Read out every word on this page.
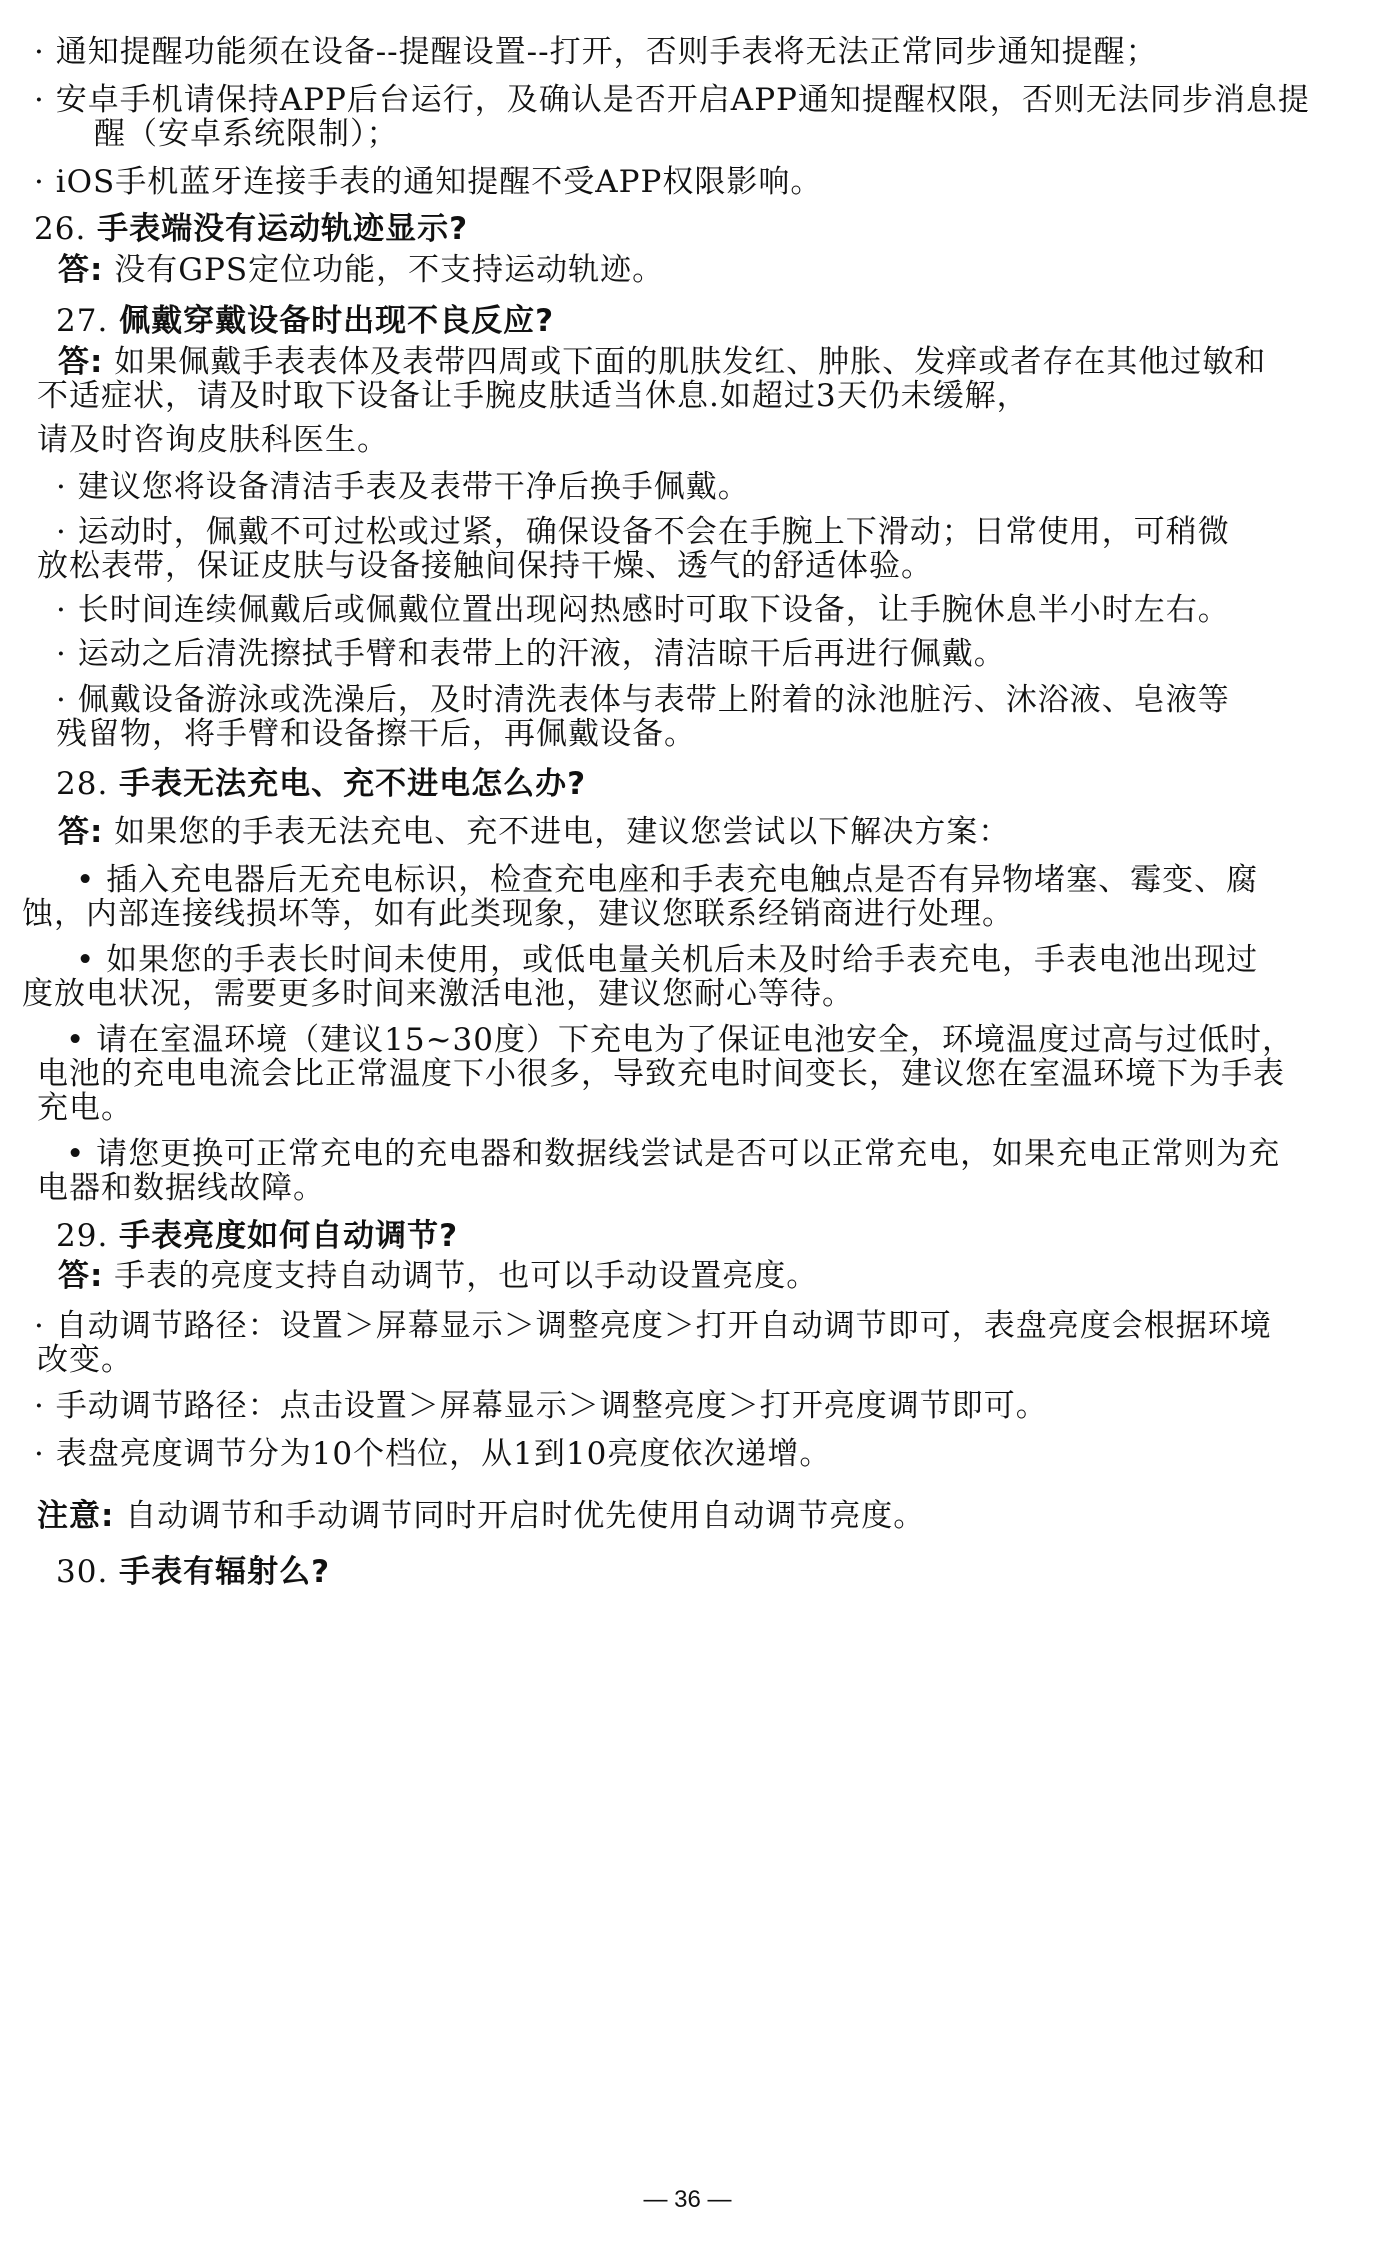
· 通知提醒功能须在设备--提醒设置--打开，否则手表将无法正常同步通知提醒；
· 安卓手机请保持APP后台运行，及确认是否开启APP通知提醒权限，否则无法同步消息提
醒（安卓系统限制）；
· iOS手机蓝牙连接手表的通知提醒不受APP权限影响。
26. 手表端没有运动轨迹显示?
答: 没有GPS定位功能，不支持运动轨迹。
27. 佩戴穿戴设备时出现不良反应?
答: 如果佩戴手表表体及表带四周或下面的肌肤发红、肿胀、发痒或者存在其他过敏和
不适症状，请及时取下设备让手腕皮肤适当休息.如超过3天仍未缓解，
请及时咨询皮肤科医生。
· 建议您将设备清洁手表及表带干净后换手佩戴。
· 运动时，佩戴不可过松或过紧，确保设备不会在手腕上下滑动；日常使用，可稍微
放松表带，保证皮肤与设备接触间保持干燥、透气的舒适体验。
· 长时间连续佩戴后或佩戴位置出现闷热感时可取下设备，让手腕休息半小时左右。
· 运动之后清洗擦拭手臂和表带上的汗液，清洁晾干后再进行佩戴。
· 佩戴设备游泳或洗澡后，及时清洗表体与表带上附着的泳池脏污、沐浴液、皂液等
残留物，将手臂和设备擦干后，再佩戴设备。
28. 手表无法充电、充不进电怎么办?
答: 如果您的手表无法充电、充不进电，建议您尝试以下解决方案：
• 插入充电器后无充电标识，检查充电座和手表充电触点是否有异物堵塞、霉变、腐
蚀，内部连接线损坏等，如有此类现象，建议您联系经销商进行处理。
• 如果您的手表长时间未使用，或低电量关机后未及时给手表充电，手表电池出现过
度放电状况，需要更多时间来激活电池，建议您耐心等待。
• 请在室温环境（建议15~30度）下充电为了保证电池安全，环境温度过高与过低时，
电池的充电电流会比正常温度下小很多，导致充电时间变长，建议您在室温环境下为手表
充电。
• 请您更换可正常充电的充电器和数据线尝试是否可以正常充电，如果充电正常则为充
电器和数据线故障。
29. 手表亮度如何自动调节?
答: 手表的亮度支持自动调节，也可以手动设置亮度。
· 自动调节路径：设置＞屏幕显示＞调整亮度＞打开自动调节即可，表盘亮度会根据环境
改变。
· 手动调节路径：点击设置＞屏幕显示＞调整亮度＞打开亮度调节即可。
· 表盘亮度调节分为10个档位，从1到10亮度依次递增。
注意: 自动调节和手动调节同时开启时优先使用自动调节亮度。
30. 手表有辐射么?
— 36 —
